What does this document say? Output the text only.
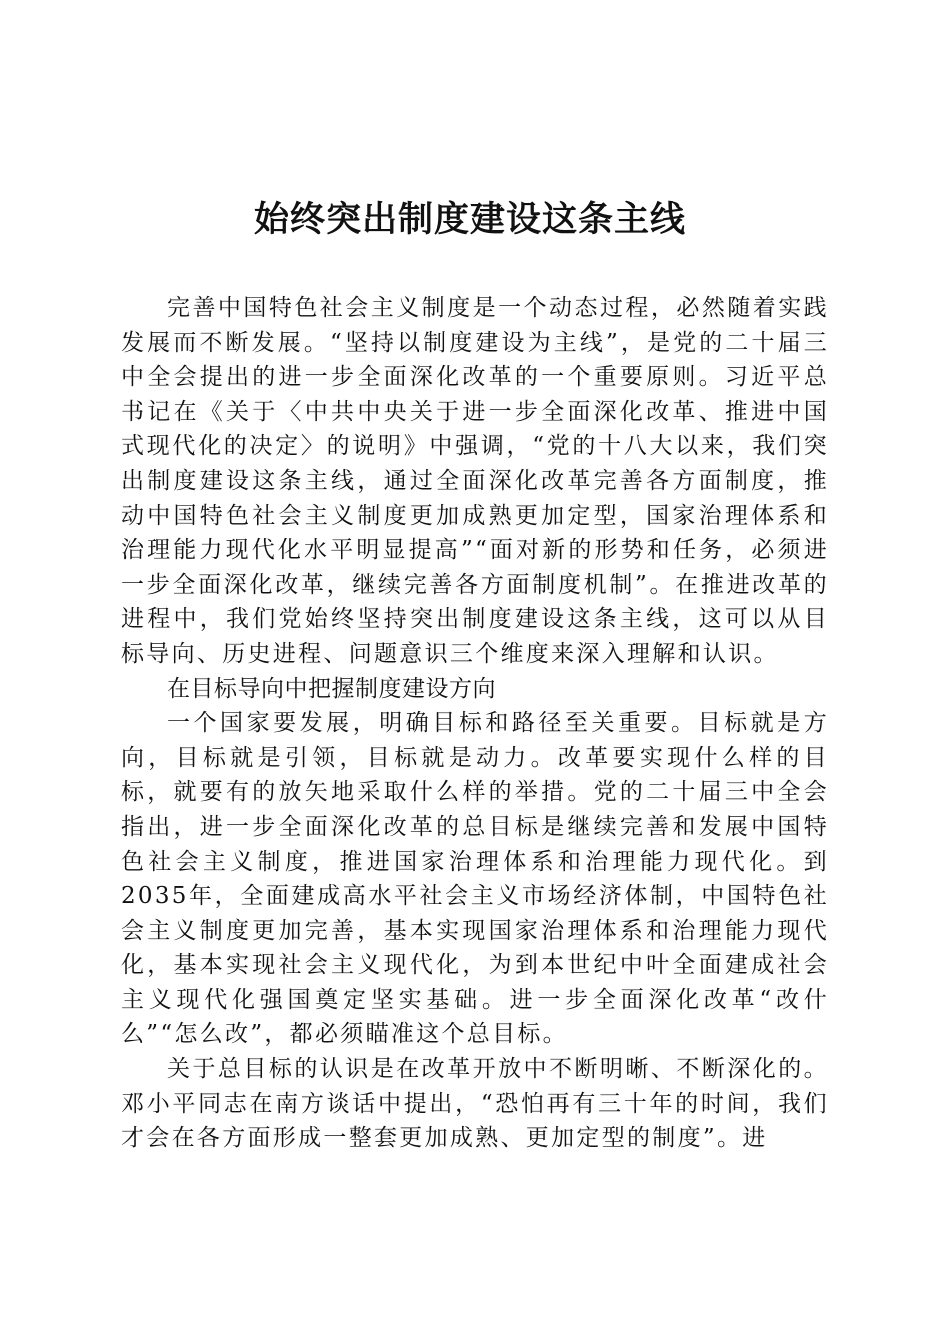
始终突出制度建设这条主线

完善中国特色社会主义制度是一个动态过程，必然随着实践发展而不断发展。“坚持以制度建设为主线”，是党的二十届三中全会提出的进一步全面深化改革的一个重要原则。习近平总书记在《关于〈中共中央关于进一步全面深化改革、推进中国式现代化的决定〉的说明》中强调，“党的十八大以来，我们突出制度建设这条主线，通过全面深化改革完善各方面制度，推动中国特色社会主义制度更加成熟更加定型，国家治理体系和治理能力现代化水平明显提高”“面对新的形势和任务，必须进一步全面深化改革，继续完善各方面制度机制”。在推进改革的进程中，我们党始终坚持突出制度建设这条主线，这可以从目标导向、历史进程、问题意识三个维度来深入理解和认识。

在目标导向中把握制度建设方向

一个国家要发展，明确目标和路径至关重要。目标就是方向，目标就是引领，目标就是动力。改革要实现什么样的目标，就要有的放矢地采取什么样的举措。党的二十届三中全会指出，进一步全面深化改革的总目标是继续完善和发展中国特色社会主义制度，推进国家治理体系和治理能力现代化。到2035年，全面建成高水平社会主义市场经济体制，中国特色社会主义制度更加完善，基本实现国家治理体系和治理能力现代化，基本实现社会主义现代化，为到本世纪中叶全面建成社会主义现代化强国奠定坚实基础。进一步全面深化改革“改什么”“怎么改”，都必须瞄准这个总目标。

关于总目标的认识是在改革开放中不断明晰、不断深化的。邓小平同志在南方谈话中提出，“恐怕再有三十年的时间，我们才会在各方面形成一整套更加成熟、更加定型的制度”。进
